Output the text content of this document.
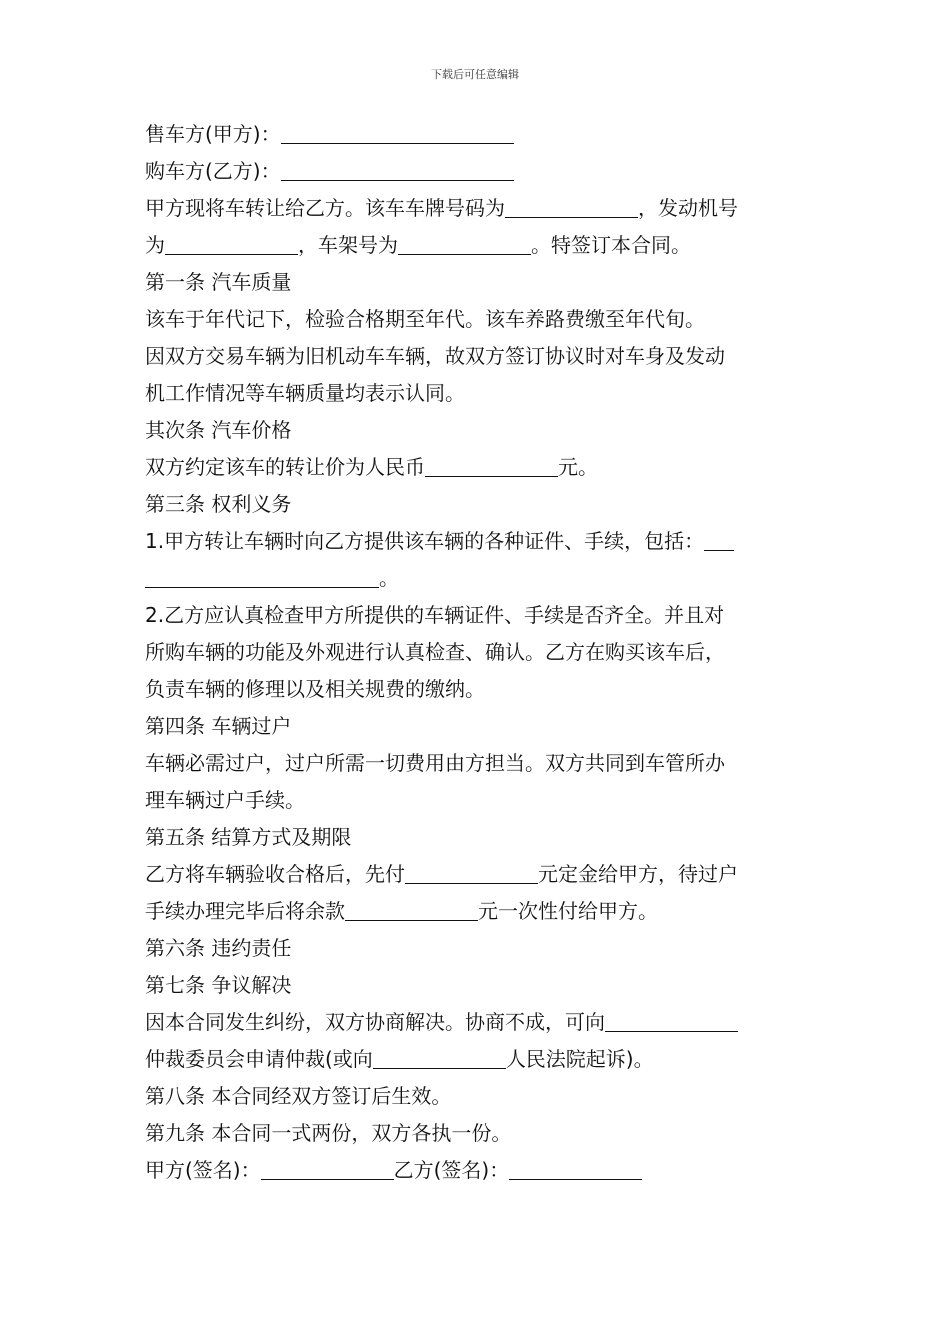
下载后可任意编辑
售车方(甲方)：
购车方(乙方)：
甲方现将车转让给乙方。该车车牌号码为	，发动机号
为	，车架号为	。特签订本合同。
第一条 汽车质量
该车于年代记下，检验合格期至年代。该车养路费缴至年代旬。
因双方交易车辆为旧机动车车辆，故双方签订协议时对车身及发动
机工作情况等车辆质量均表示认同。
其次条 汽车价格
双方约定该车的转让价为人民币	元。
第三条 权利义务
1.甲方转让车辆时向乙方提供该车辆的各种证件、手续，包括：
。
2.乙方应认真检查甲方所提供的车辆证件、手续是否齐全。并且对
所购车辆的功能及外观进行认真检查、确认。乙方在购买该车后，
负责车辆的修理以及相关规费的缴纳。
第四条 车辆过户
车辆必需过户，过户所需一切费用由方担当。双方共同到车管所办
理车辆过户手续。
第五条 结算方式及期限
乙方将车辆验收合格后，先付	元定金给甲方，待过户
手续办理完毕后将余款	元一次性付给甲方。
第六条 违约责任
第七条 争议解决
因本合同发生纠纷，双方协商解决。协商不成，可向
仲裁委员会申请仲裁(或向	人民法院起诉)。
第八条 本合同经双方签订后生效。
第九条 本合同一式两份，双方各执一份。
甲方(签名)：	乙方(签名)：
